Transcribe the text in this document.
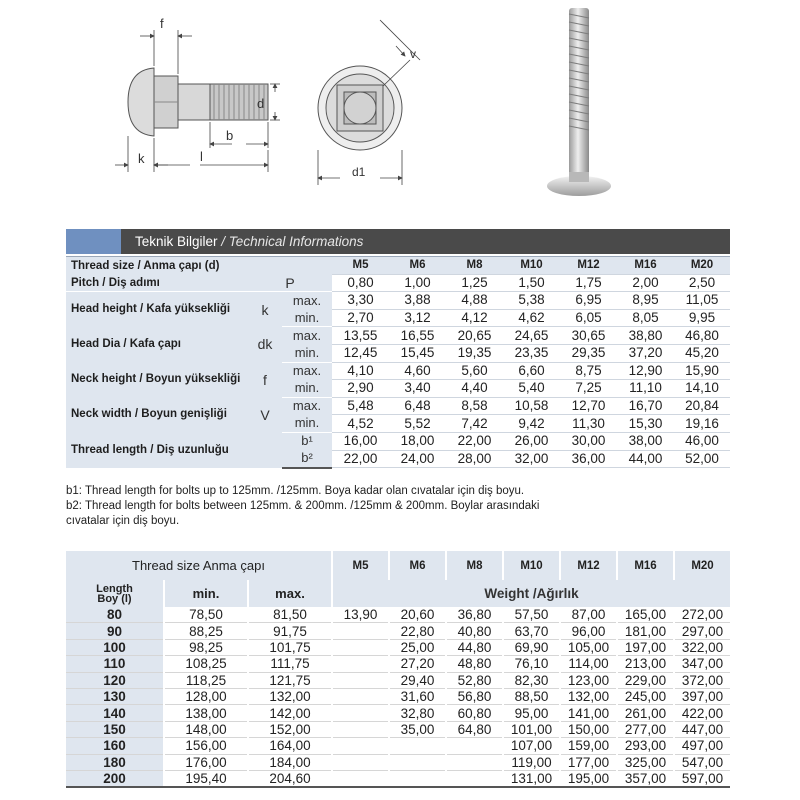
f
d
b
k	l
v
d1
Teknik Bilgiler / Technical Informations
Thread size / Anma çapı (d)			M5	M6	M8	M10	M12	M16	M20
Pitch / Diş adımı	P		0,80	1,00	1,25	1,50	1,75	2,00	2,50
Head height / Kafa yüksekliği	k	max.	3,30	3,88	4,88	5,38	6,95	8,95	11,05
		min.	2,70	3,12	4,12	4,62	6,05	8,05	9,95
Head Dia / Kafa çapı	dk	max.	13,55	16,55	20,65	24,65	30,65	38,80	46,80
		min.	12,45	15,45	19,35	23,35	29,35	37,20	45,20
Neck height / Boyun yüksekliği	f	max.	4,10	4,60	5,60	6,60	8,75	12,90	15,90
		min.	2,90	3,40	4,40	5,40	7,25	11,10	14,10
Neck width / Boyun genişliği	V	max.	5,48	6,48	8,58	10,58	12,70	16,70	20,84
		min.	4,52	5,52	7,42	9,42	11,30	15,30	19,16
Thread length / Diş uzunluğu		b¹	16,00	18,00	22,00	26,00	30,00	38,00	46,00
		b²	22,00	24,00	28,00	32,00	36,00	44,00	52,00
b1: Thread length for bolts up to 125mm. /125mm. Boya kadar olan cıvatalar için diş boyu.
b2: Thread length for bolts between 125mm. & 200mm. /125mm & 200mm. Boylar arasındaki
cıvatalar için diş boyu.
Thread size Anma çapı			M5	M6	M8	M10	M12	M16	M20

Length
Boy (l)	min.	max.	Weight /Ağırlık						
80	78,50	81,50	13,90	20,60	36,80	57,50	87,00	165,00	272,00
90	88,25	91,75		22,80	40,80	63,70	96,00	181,00	297,00
100	98,25	101,75		25,00	44,80	69,90	105,00	197,00	322,00
110	108,25	111,75		27,20	48,80	76,10	114,00	213,00	347,00
120	118,25	121,75		29,40	52,80	82,30	123,00	229,00	372,00
130	128,00	132,00		31,60	56,80	88,50	132,00	245,00	397,00
140	138,00	142,00		32,80	60,80	95,00	141,00	261,00	422,00
150	148,00	152,00		35,00	64,80	101,00	150,00	277,00	447,00
160	156,00	164,00				107,00	159,00	293,00	497,00
180	176,00	184,00				119,00	177,00	325,00	547,00
200	195,40	204,60				131,00	195,00	357,00	597,00
